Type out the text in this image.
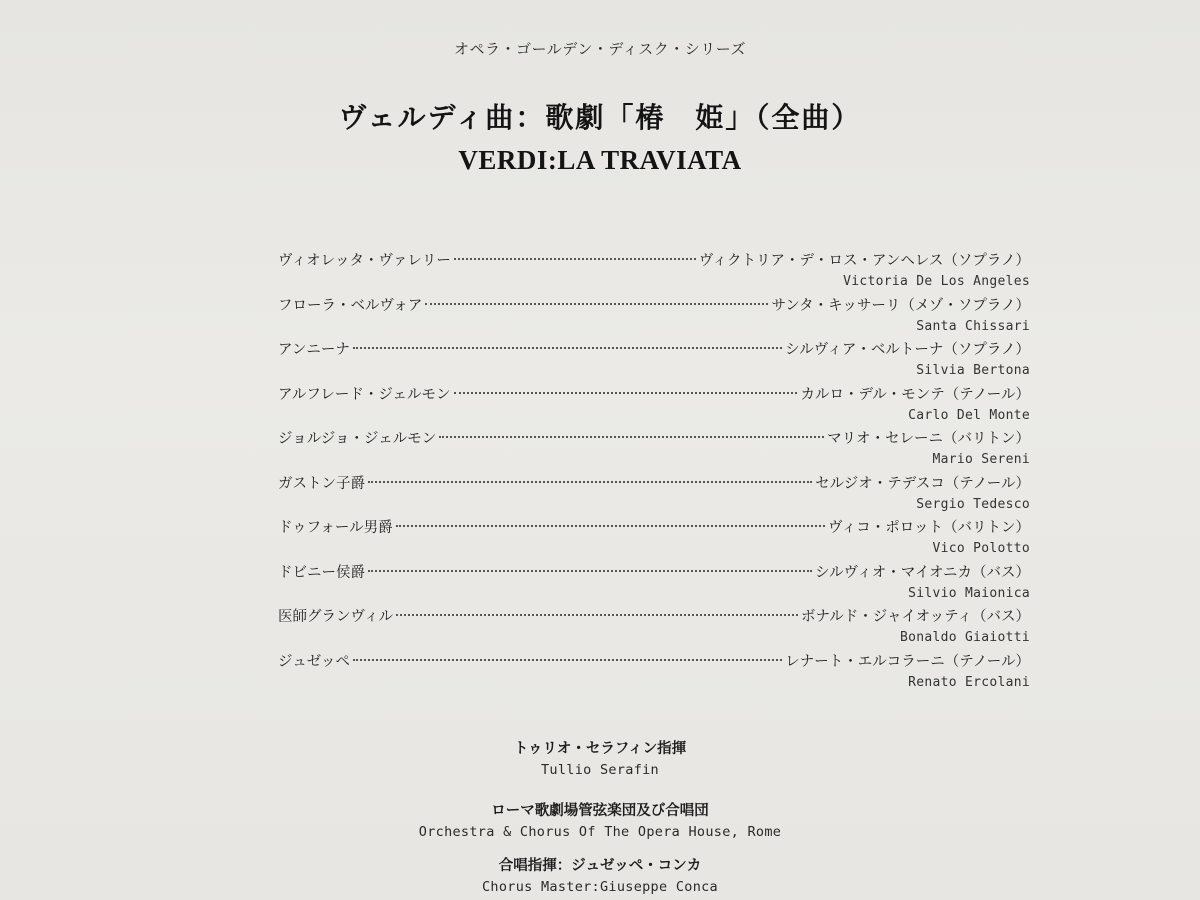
オペラ・ゴールデン・ディスク・シリーズ
ヴェルディ曲：歌劇「椿　姫」（全曲）
VERDI:LA TRAVIATA
ヴィオレッタ・ヴァレリー	ヴィクトリア・デ・ロス・アンヘレス（ソプラノ）
Victoria De Los Angeles
フローラ・ベルヴォア	サンタ・キッサーリ（メゾ・ソプラノ）
Santa Chissari
アンニーナ	シルヴィア・ベルトーナ（ソプラノ）
Silvia Bertona
アルフレード・ジェルモン	カルロ・デル・モンテ（テノール）
Carlo Del Monte
ジョルジョ・ジェルモン	マリオ・セレーニ（バリトン）
Mario Sereni
ガストン子爵	セルジオ・テデスコ（テノール）
Sergio Tedesco
ドゥフォール男爵	ヴィコ・ポロット（バリトン）
Vico Polotto
ドビニー侯爵	シルヴィオ・マイオニカ（バス）
Silvio Maionica
医師グランヴィル	ボナルド・ジャイオッティ（バス）
Bonaldo Giaiotti
ジュゼッペ	レナート・エルコラーニ（テノール）
Renato Ercolani
トゥリオ・セラフィン指揮
Tullio Serafin
ローマ歌劇場管弦楽団及び合唱団
Orchestra & Chorus Of The Opera House, Rome
合唱指揮：ジュゼッペ・コンカ
Chorus Master:Giuseppe Conca
